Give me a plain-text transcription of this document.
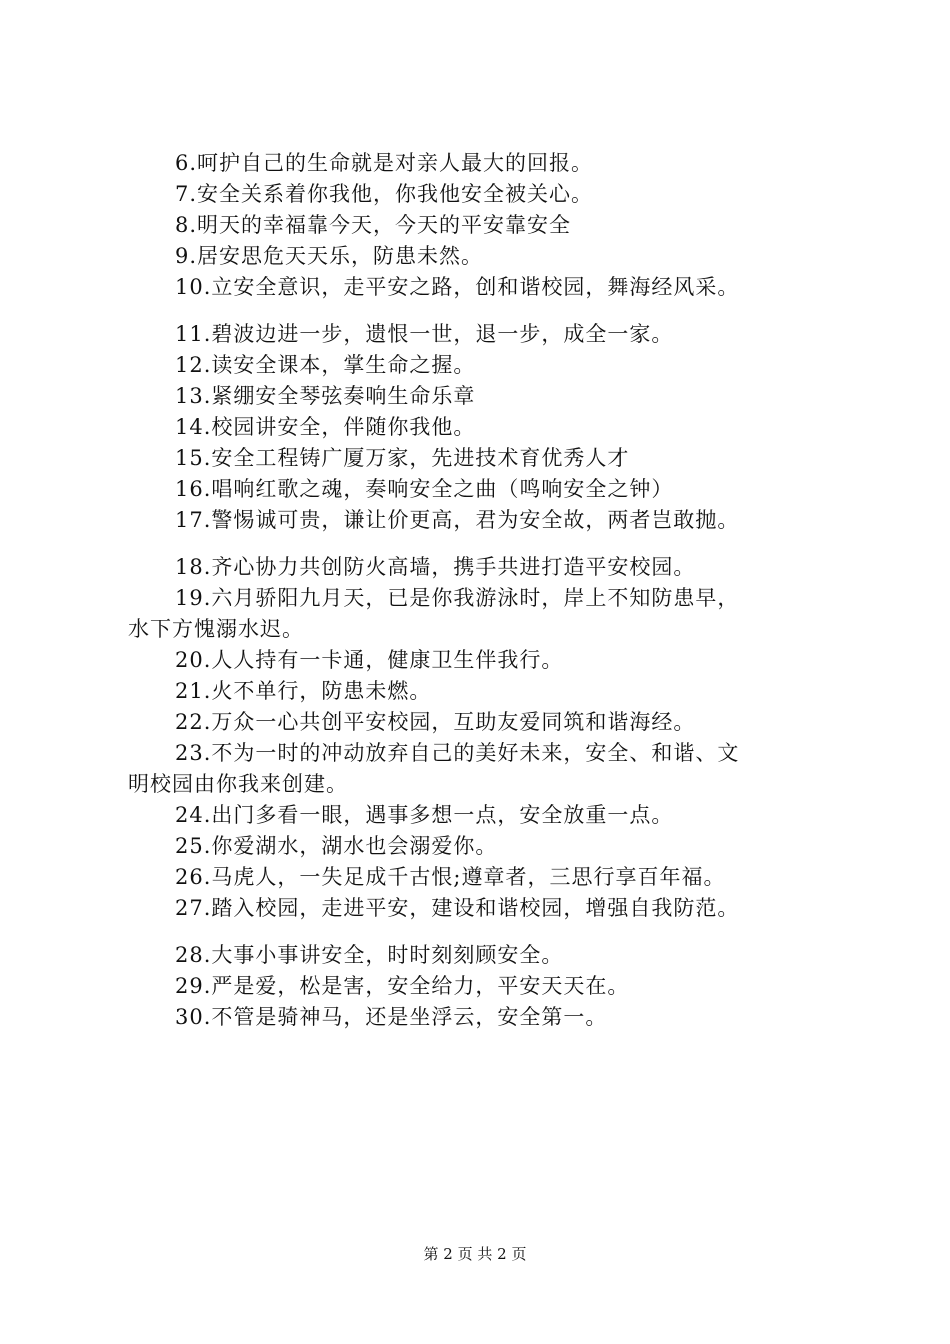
6.呵护自己的生命就是对亲人最大的回报。
7.安全关系着你我他，你我他安全被关心。
8.明天的幸福靠今天，今天的平安靠安全
9.居安思危天天乐，防患未然。
10.立安全意识，走平安之路，创和谐校园，舞海经风采。
11.碧波边进一步，遗恨一世，退一步，成全一家。
12.读安全课本，掌生命之握。
13.紧绷安全琴弦奏响生命乐章
14.校园讲安全，伴随你我他。
15.安全工程铸广厦万家，先进技术育优秀人才
16.唱响红歌之魂，奏响安全之曲（鸣响安全之钟）
17.警惕诚可贵，谦让价更高，君为安全故，两者岂敢抛。
18.齐心协力共创防火高墙，携手共进打造平安校园。
19.六月骄阳九月天，已是你我游泳时，岸上不知防患早，
水下方愧溺水迟。
20.人人持有一卡通，健康卫生伴我行。
21.火不单行，防患未燃。
22.万众一心共创平安校园，互助友爱同筑和谐海经。
23.不为一时的冲动放弃自己的美好未来，安全、和谐、文
明校园由你我来创建。
24.出门多看一眼，遇事多想一点，安全放重一点。
25.你爱湖水，湖水也会溺爱你。
26.马虎人，一失足成千古恨;遵章者，三思行享百年福。
27.踏入校园，走进平安，建设和谐校园，增强自我防范。
28.大事小事讲安全，时时刻刻顾安全。
29.严是爱，松是害，安全给力，平安天天在。
30.不管是骑神马，还是坐浮云，安全第一。
第 2 页 共 2 页
